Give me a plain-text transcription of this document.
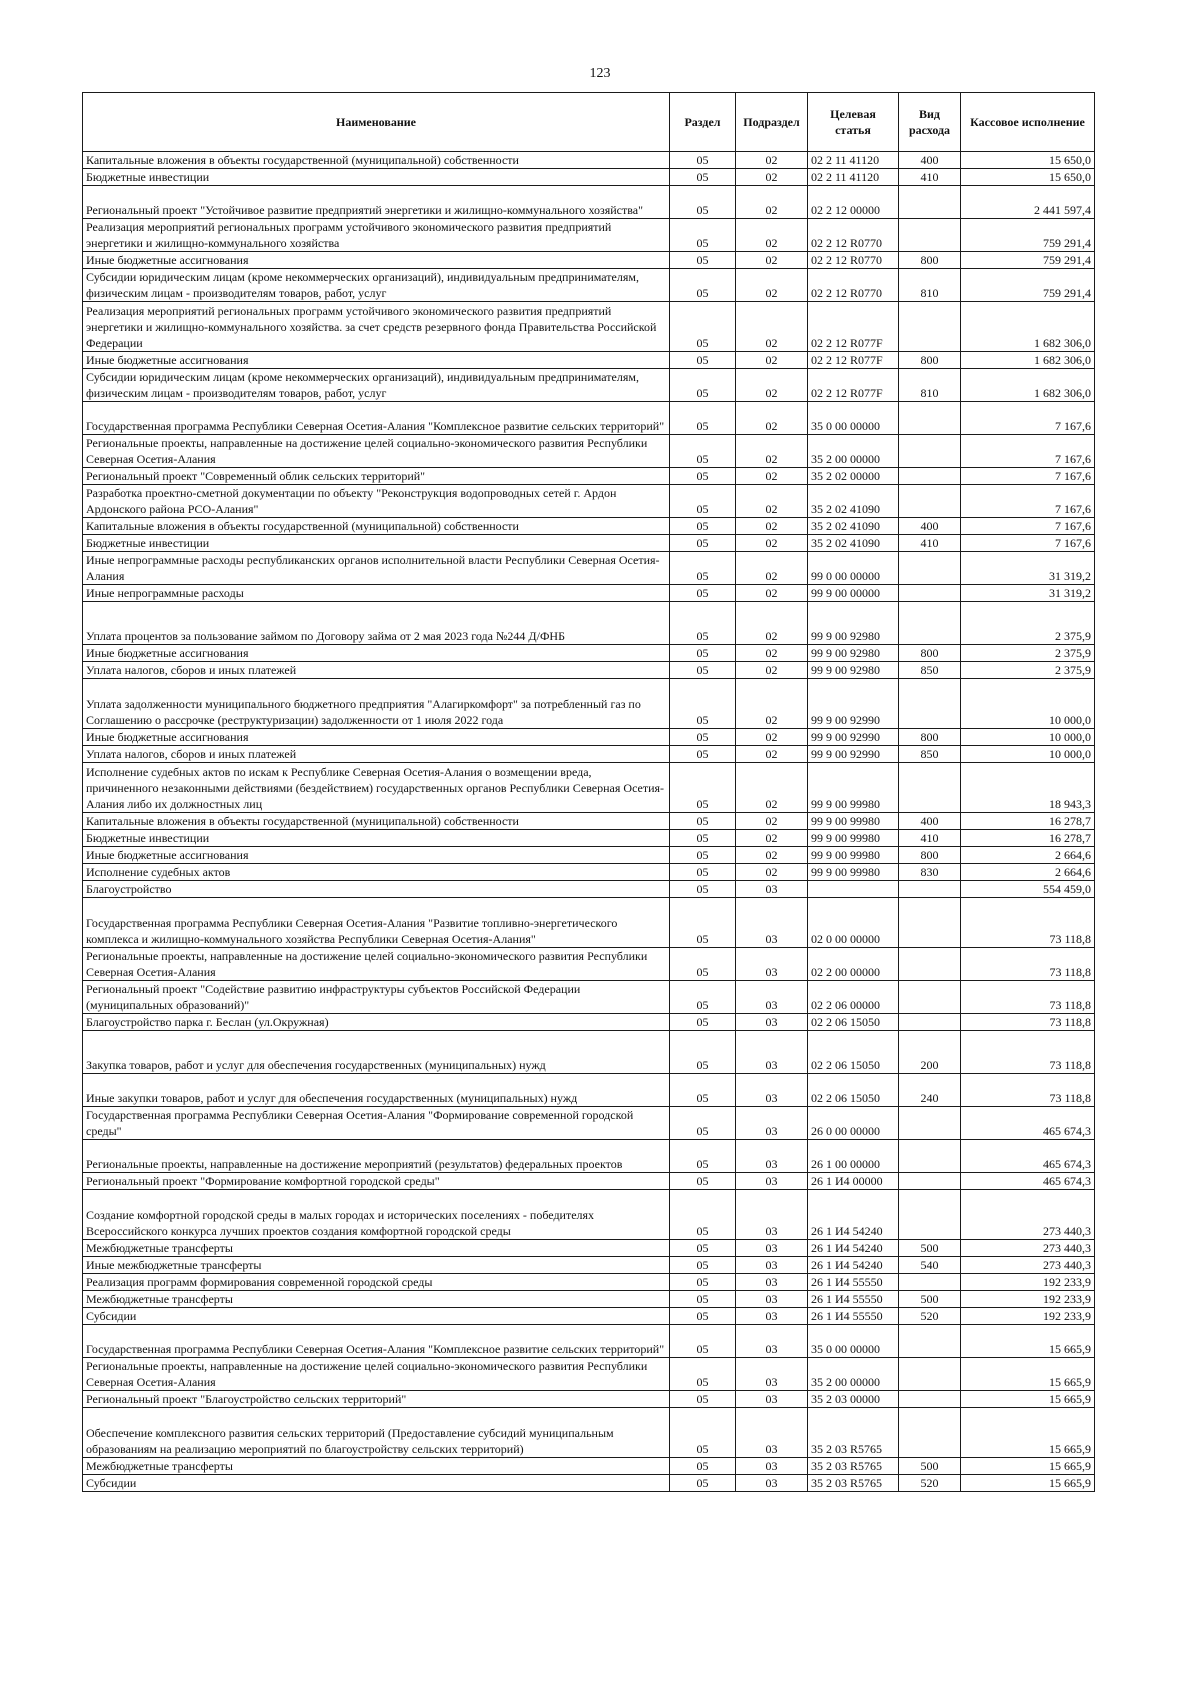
123
Наименование	Раздел	Подраздел	Целевая статья	Вид расхода	Кассовое исполнение
Капитальные вложения в объекты государственной (муниципальной) собственности	05	02	02 2 11 41120	400	15 650,0
Бюджетные инвестиции	05	02	02 2 11 41120	410	15 650,0
Региональный проект "Устойчивое развитие предприятий энергетики и жилищно-коммунального хозяйства"	05	02	02 2 12 00000		2 441 597,4
Реализация мероприятий региональных программ устойчивого экономического развития предприятий энергетики и жилищно-коммунального хозяйства	05	02	02 2 12 R0770		759 291,4
Иные бюджетные ассигнования	05	02	02 2 12 R0770	800	759 291,4
Субсидии юридическим лицам (кроме некоммерческих организаций), индивидуальным предпринимателям, физическим лицам - производителям товаров, работ, услуг	05	02	02 2 12 R0770	810	759 291,4
Реализация мероприятий региональных программ устойчивого экономического развития предприятий энергетики и жилищно-коммунального хозяйства. за счет средств резервного фонда Правительства Российской Федерации	05	02	02 2 12 R077F		1 682 306,0
Иные бюджетные ассигнования	05	02	02 2 12 R077F	800	1 682 306,0
Субсидии юридическим лицам (кроме некоммерческих организаций), индивидуальным предпринимателям, физическим лицам - производителям товаров, работ, услуг	05	02	02 2 12 R077F	810	1 682 306,0
Государственная программа Республики Северная Осетия-Алания "Комплексное развитие сельских территорий"	05	02	35 0 00 00000		7 167,6
Региональные проекты, направленные на достижение целей социально-экономического развития Республики Северная Осетия-Алания	05	02	35 2 00 00000		7 167,6
Региональный проект "Современный облик сельских территорий"	05	02	35 2 02 00000		7 167,6
Разработка проектно-сметной документации по объекту "Реконструкция водопроводных сетей г. Ардон Ардонского района РСО-Алания"	05	02	35 2 02 41090		7 167,6
Капитальные вложения в объекты государственной (муниципальной) собственности	05	02	35 2 02 41090	400	7 167,6
Бюджетные инвестиции	05	02	35 2 02 41090	410	7 167,6
Иные непрограммные расходы республиканских органов исполнительной власти Республики Северная Осетия-Алания	05	02	99 0 00 00000		31 319,2
Иные непрограммные расходы	05	02	99 9 00 00000		31 319,2
Уплата процентов за пользование займом по Договору займа от 2 мая 2023 года №244 Д/ФНБ	05	02	99 9 00 92980		2 375,9
Иные бюджетные ассигнования	05	02	99 9 00 92980	800	2 375,9
Уплата налогов, сборов и иных платежей	05	02	99 9 00 92980	850	2 375,9
Уплата задолженности муниципального бюджетного предприятия "Алагиркомфорт" за потребленный газ по Соглашению о рассрочке (реструктуризации) задолженности от 1 июля 2022 года	05	02	99 9 00 92990		10 000,0
Иные бюджетные ассигнования	05	02	99 9 00 92990	800	10 000,0
Уплата налогов, сборов и иных платежей	05	02	99 9 00 92990	850	10 000,0
Исполнение судебных актов по искам к Республике Северная Осетия-Алания о возмещении вреда, причиненного незаконными действиями (бездействием) государственных органов Республики Северная Осетия-Алания либо их должностных лиц	05	02	99 9 00 99980		18 943,3
Капитальные вложения в объекты государственной (муниципальной) собственности	05	02	99 9 00 99980	400	16 278,7
Бюджетные инвестиции	05	02	99 9 00 99980	410	16 278,7
Иные бюджетные ассигнования	05	02	99 9 00 99980	800	2 664,6
Исполнение судебных актов	05	02	99 9 00 99980	830	2 664,6
Благоустройство	05	03			554 459,0
Государственная программа Республики Северная Осетия-Алания "Развитие топливно-энергетического комплекса и жилищно-коммунального хозяйства Республики Северная Осетия-Алания"	05	03	02 0 00 00000		73 118,8
Региональные проекты, направленные на достижение целей социально-экономического развития Республики Северная Осетия-Алания	05	03	02 2 00 00000		73 118,8
Региональный проект "Содействие развитию инфраструктуры субъектов Российской Федерации (муниципальных образований)"	05	03	02 2 06 00000		73 118,8
Благоустройство парка г. Беслан (ул.Окружная)	05	03	02 2 06 15050		73 118,8
Закупка товаров, работ и услуг для обеспечения государственных (муниципальных) нужд	05	03	02 2 06 15050	200	73 118,8
Иные закупки товаров, работ и услуг для обеспечения государственных (муниципальных) нужд	05	03	02 2 06 15050	240	73 118,8
Государственная программа Республики Северная Осетия-Алания "Формирование современной городской среды"	05	03	26 0 00 00000		465 674,3
Региональные проекты, направленные на достижение мероприятий (результатов) федеральных проектов	05	03	26 1 00 00000		465 674,3
Региональный проект "Формирование комфортной городской среды"	05	03	26 1 И4 00000		465 674,3
Создание комфортной городской среды в малых городах и исторических поселениях - победителях Всероссийского конкурса лучших проектов создания комфортной городской среды	05	03	26 1 И4 54240		273 440,3
Межбюджетные трансферты	05	03	26 1 И4 54240	500	273 440,3
Иные межбюджетные трансферты	05	03	26 1 И4 54240	540	273 440,3
Реализация программ формирования современной городской среды	05	03	26 1 И4 55550		192 233,9
Межбюджетные трансферты	05	03	26 1 И4 55550	500	192 233,9
Субсидии	05	03	26 1 И4 55550	520	192 233,9
Государственная программа Республики Северная Осетия-Алания "Комплексное развитие сельских территорий"	05	03	35 0 00 00000		15 665,9
Региональные проекты, направленные на достижение целей социально-экономического развития Республики Северная Осетия-Алания	05	03	35 2 00 00000		15 665,9
Региональный проект "Благоустройство сельских территорий"	05	03	35 2 03 00000		15 665,9
Обеспечение комплексного развития сельских территорий (Предоставление субсидий муниципальным образованиям на реализацию мероприятий по благоустройству сельских территорий)	05	03	35 2 03 R5765		15 665,9
Межбюджетные трансферты	05	03	35 2 03 R5765	500	15 665,9
Субсидии	05	03	35 2 03 R5765	520	15 665,9
